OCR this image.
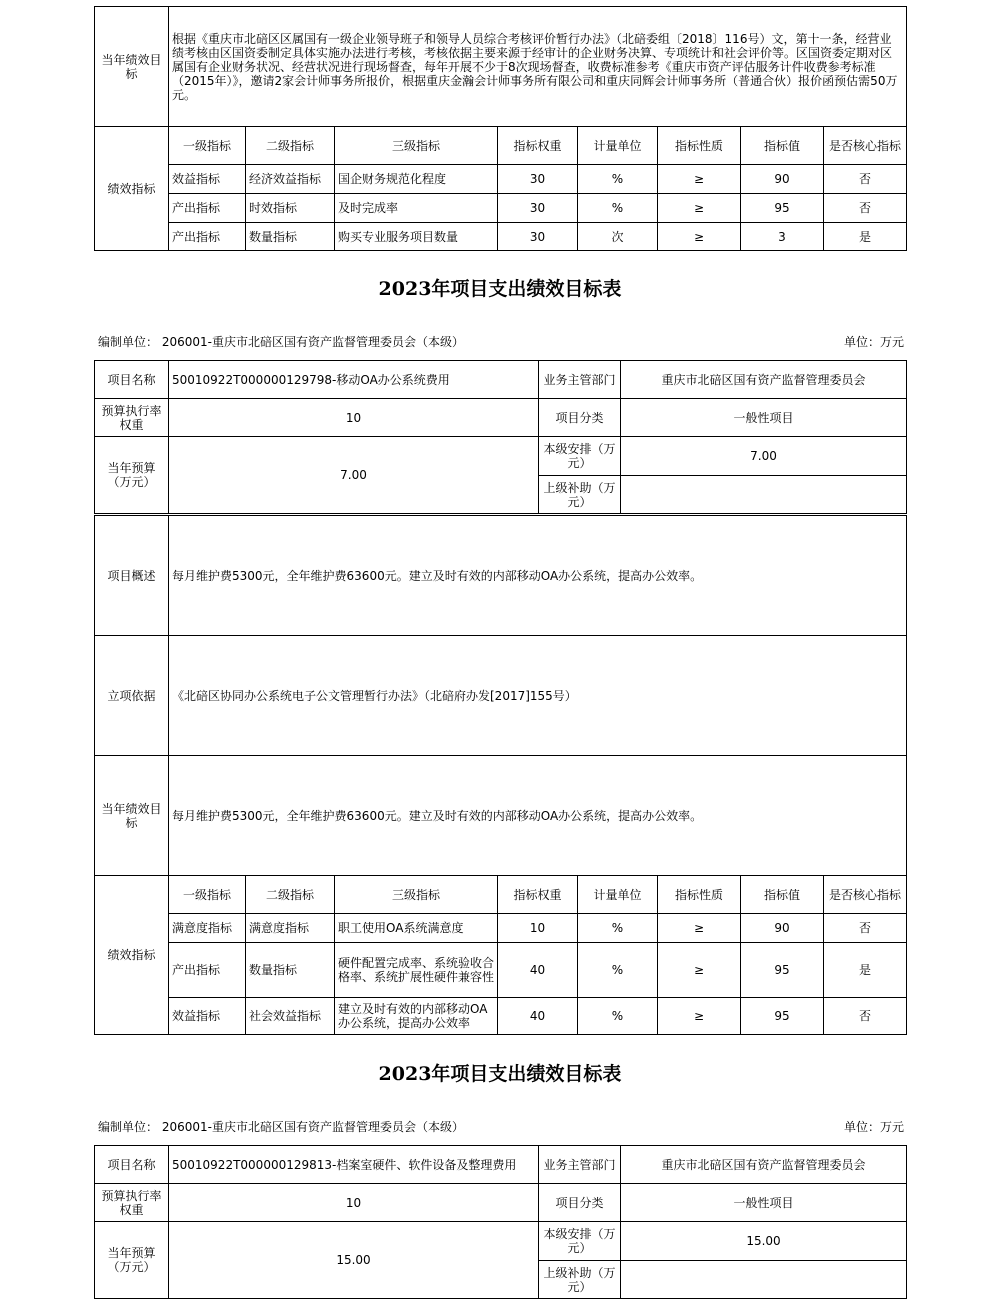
当年绩效目标	根据《重庆市北碚区区属国有一级企业领导班子和领导人员综合考核评价暂行办法》（北碚委组〔2018〕116号）文，第十一条，经营业绩考核由区国资委制定具体实施办法进行考核，考核依据主要来源于经审计的企业财务决算、专项统计和社会评价等。区国资委定期对区属国有企业财务状况、经营状况进行现场督查，每年开展不少于8次现场督查，收费标准参考《重庆市资产评估服务计件收费参考标准（2015年）》，邀请2家会计师事务所报价，根据重庆金瀚会计师事务所有限公司和重庆同辉会计师事务所（普通合伙）报价函预估需50万元。							
绩效指标	一级指标	二级指标	三级指标	指标权重	计量单位	指标性质	指标值	是否核心指标
	效益指标	经济效益指标	国企财务规范化程度	30	%	≥	90	否
	产出指标	时效指标	及时完成率	30	%	≥	95	否
	产出指标	数量指标	购买专业服务项目数量	30	次	≥	3	是
2023年项目支出绩效目标表
编制单位： 206001-重庆市北碚区国有资产监督管理委员会（本级）	单位：万元
项目名称	50010922T000000129798-移动OA办公系统费用	业务主管部门	重庆市北碚区国有资产监督管理委员会
预算执行率权重	10	项目分类	一般性项目
当年预算（万元）	7.00	本级安排（万元）	7.00
		上级补助（万元）	
项目概述	每月维护费5300元，全年维护费63600元。建立及时有效的内部移动OA办公系统，提高办公效率。							
立项依据	《北碚区协同办公系统电子公文管理暂行办法》（北碚府办发[2017]155号）							
当年绩效目标	每月维护费5300元，全年维护费63600元。建立及时有效的内部移动OA办公系统，提高办公效率。							
绩效指标	一级指标	二级指标	三级指标	指标权重	计量单位	指标性质	指标值	是否核心指标
	满意度指标	满意度指标	职工使用OA系统满意度	10	%	≥	90	否
	产出指标	数量指标	硬件配置完成率、系统验收合格率、系统扩展性硬件兼容性	40	%	≥	95	是
	效益指标	社会效益指标	建立及时有效的内部移动OA办公系统，提高办公效率	40	%	≥	95	否
2023年项目支出绩效目标表
编制单位： 206001-重庆市北碚区国有资产监督管理委员会（本级）	单位：万元
项目名称	50010922T000000129813-档案室硬件、软件设备及整理费用	业务主管部门	重庆市北碚区国有资产监督管理委员会
预算执行率权重	10	项目分类	一般性项目
当年预算（万元）	15.00	本级安排（万元）	15.00
		上级补助（万元）	
